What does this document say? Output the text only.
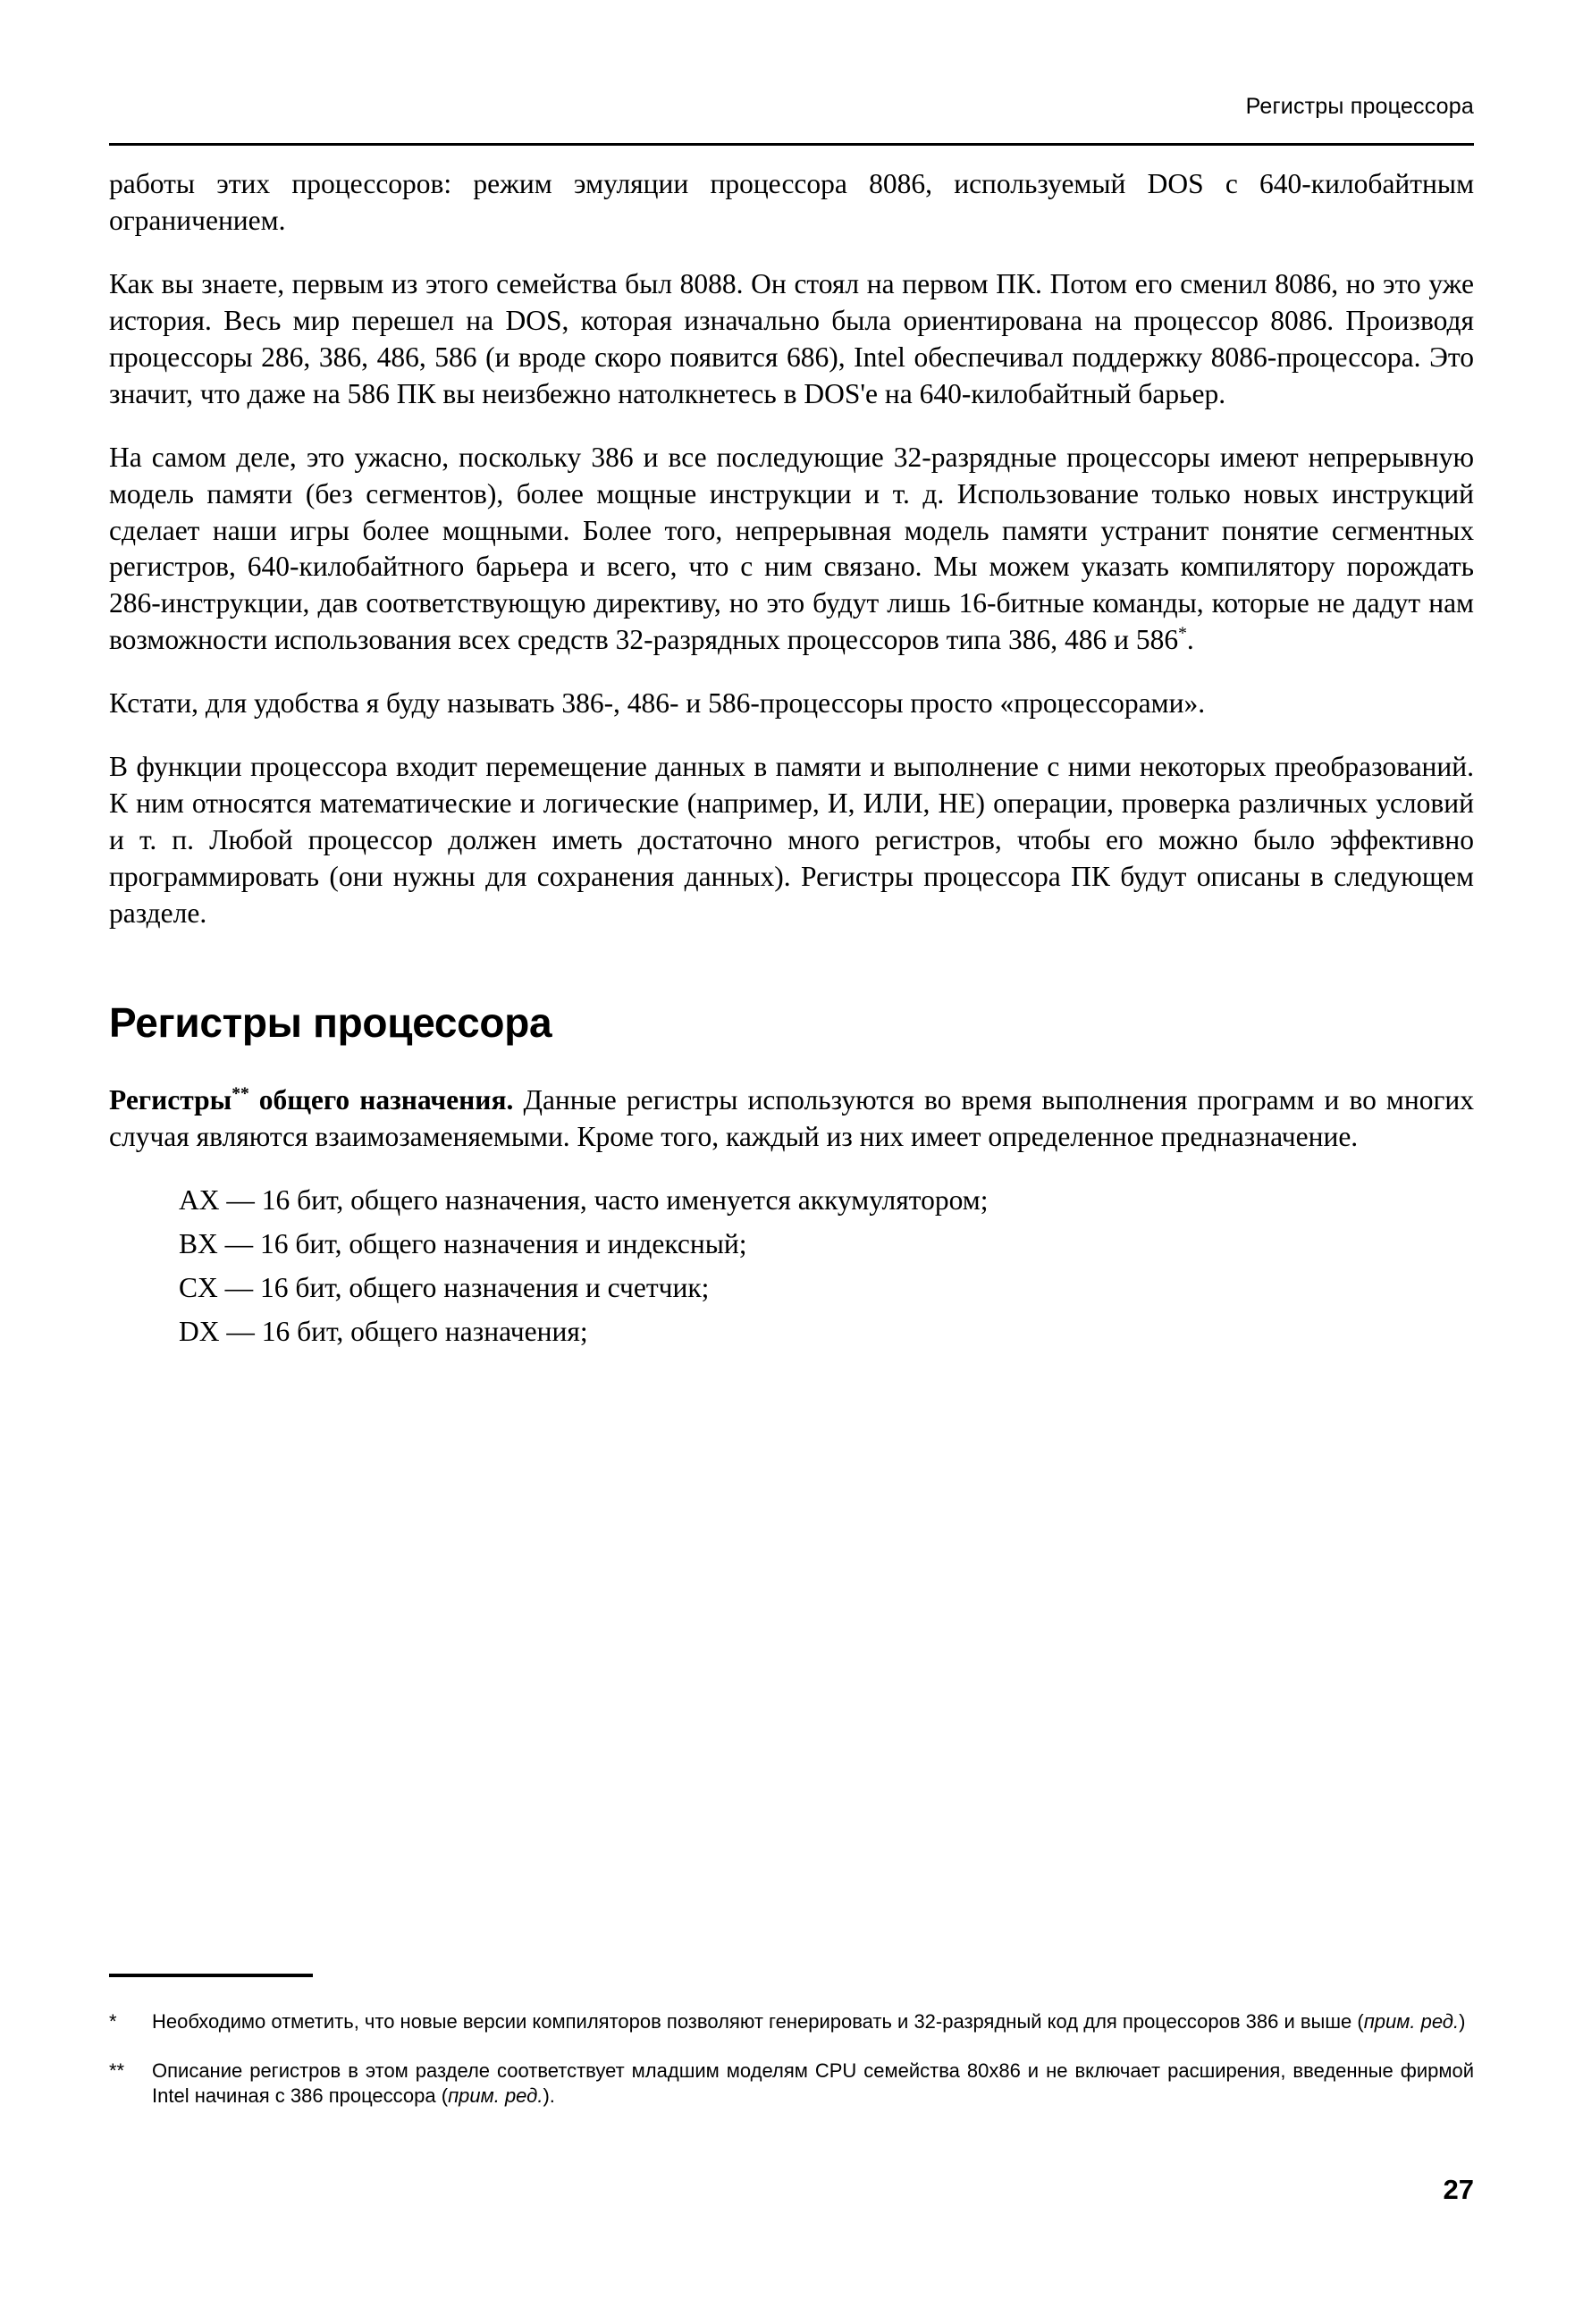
Регистры процессора

работы этих процессоров: режим эмуляции процессора 8086, используемый DOS с 640-килобайтным ограничением.

Как вы знаете, первым из этого семейства был 8088. Он стоял на первом ПК. Потом его сменил 8086, но это уже история. Весь мир перешел на DOS, которая изначально была ориентирована на процессор 8086. Производя процессоры 286, 386, 486, 586 (и вроде скоро появится 686), Intel обеспечивал поддержку 8086-процессора. Это значит, что даже на 586 ПК вы неизбежно натолкнетесь в DOS'е на 640-килобайтный барьер.

На самом деле, это ужасно, поскольку 386 и все последующие 32-разрядные процессоры имеют непрерывную модель памяти (без сегментов), более мощные инструкции и т. д. Использование только новых инструкций сделает наши игры более мощными. Более того, непрерывная модель памяти устранит понятие сегментных регистров, 640-килобайтного барьера и всего, что с ним связано. Мы можем указать компилятору порождать 286-инструкции, дав соответствующую директиву, но это будут лишь 16-битные команды, которые не дадут нам возможности использования всех средств 32-разрядных процессоров типа 386, 486 и 586*.

Кстати, для удобства я буду называть 386-, 486- и 586-процессоры просто «процессорами».

В функции процессора входит перемещение данных в памяти и выполнение с ними некоторых преобразований. К ним относятся математические и логические (например, И, ИЛИ, НЕ) операции, проверка различных условий и т. п. Любой процессор должен иметь достаточно много регистров, чтобы его можно было эффективно программировать (они нужны для сохранения данных). Регистры процессора ПК будут описаны в следующем разделе.

Регистры процессора

Регистры** общего назначения. Данные регистры используются во время выполнения программ и во многих случая являются взаимозаменяемыми. Кроме того, каждый из них имеет определенное предназначение.

AX — 16 бит, общего назначения, часто именуется аккумулятором;
BX — 16 бит, общего назначения и индексный;
CX — 16 бит, общего назначения и счетчик;
DX — 16 бит, общего назначения;
*	Необходимо отметить, что новые версии компиляторов позволяют генерировать и 32-разрядный код для процессоров 386 и выше (прим. ред.)
**	Описание регистров в этом разделе соответствует младшим моделям CPU семейства 80х86 и не включает расширения, введенные фирмой Intel начиная с 386 процессора (прим. ред.).
27
